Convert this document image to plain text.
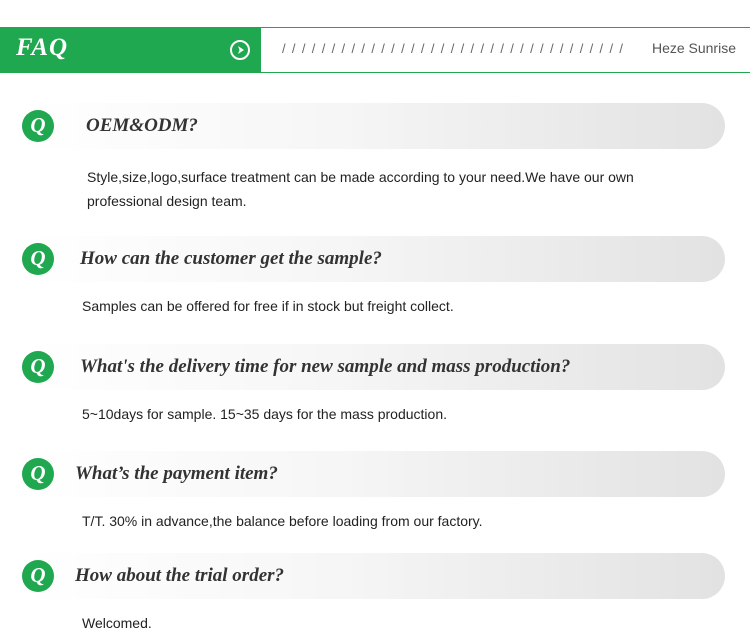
FAQ	/ / / / / / / / / / / / / / / / / / / / / / / / / / / / / / / / / / / Heze Sunrise
Q	OEM&ODM?
Style,size,logo,surface treatment can be made according to your need.We have our own professional design team.
Q	How can the customer get the sample?
Samples can be offered for free if in stock but freight collect.
Q	What's the delivery time for new sample and mass production?
5~10days for sample. 15~35 days for the mass production.
Q	What’s the payment item?
T/T. 30% in advance,the balance before loading from our factory.
Q	How about the trial order?
Welcomed.
